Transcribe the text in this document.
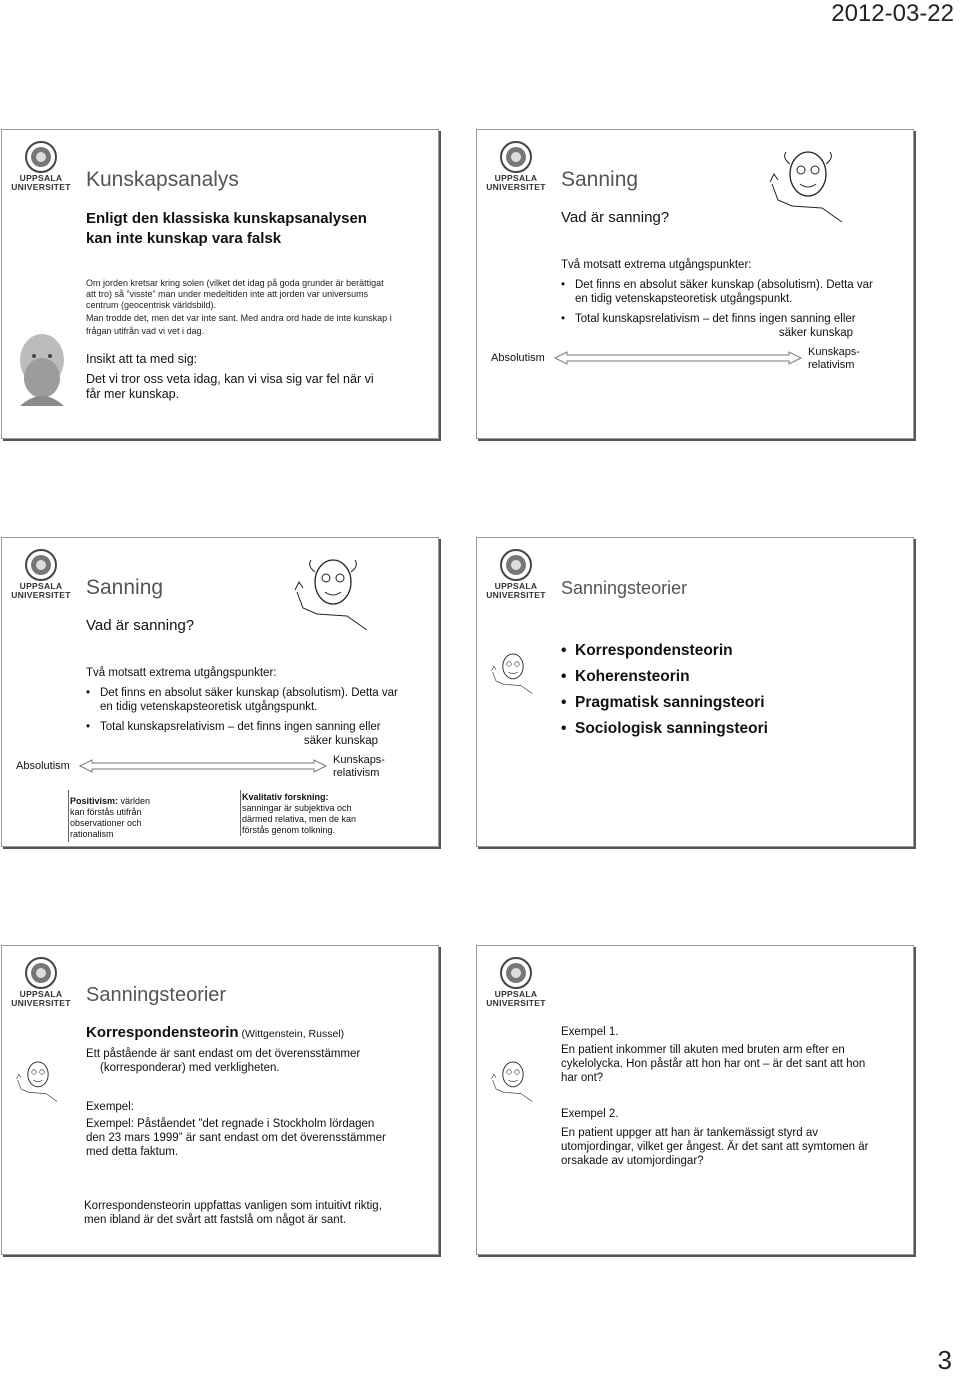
2012-03-22
UPPSALA
UNIVERSITET Kunskapsanalys
Enligt den klassiska kunskapsanalysen
kan inte kunskap vara falsk
Om jorden kretsar kring solen (vilket det idag på goda grunder är berättigat att tro) så ”visste” man under medeltiden inte att jorden var universums centrum (geocentrisk världsbild).
Man trodde det, men det var inte sant. Med andra ord hade de inte kunskap i frågan utifrån vad vi vet i dag.
Insikt att ta med sig:
Det vi tror oss veta idag, kan vi visa sig var fel när vi får mer kunskap.
UPPSALA
UNIVERSITET Sanning
Vad är sanning?
Två motsatt extrema utgångspunkter:
• Det finns en absolut säker kunskap (absolutism). Detta var en tidig vetenskapsteoretisk utgångspunkt.
• Total kunskapsrelativism – det finns ingen sanning eller

säker kunskap
Absolutism	Kunskaps-
relativism
UPPSALA
UNIVERSITET Sanning
Vad är sanning?
Två motsatt extrema utgångspunkter:
• Det finns en absolut säker kunskap (absolutism). Detta var en tidig vetenskapsteoretisk utgångspunkt.
• Total kunskapsrelativism – det finns ingen sanning eller

säker kunskap
Absolutism	Kunskaps-
relativism
Positivism: världen kan förstås utifrån observationer och rationalism
Kvalitativ forskning:
sanningar är subjektiva och därmed relativa, men de kan förstås genom tolkning.
UPPSALA
UNIVERSITET Sanningsteorier
• Korrespondensteorin
• Koherensteorin
• Pragmatisk sanningsteori
• Sociologisk sanningsteori
UPPSALA
UNIVERSITET Sanningsteorier
Korrespondensteorin (Wittgenstein, Russel)
Ett påstående är sant endast om det överensstämmer
(korresponderar) med verkligheten.
Exempel:
Exempel: Påståendet ”det regnade i Stockholm lördagen den 23 mars 1999” är sant endast om det överensstämmer med detta faktum.
UPPSALA
UNIVERSITET
Exempel 1.
En patient inkommer till akuten med bruten arm efter en cykelolycka. Hon påstår att hon har ont – är det sant att hon har ont?
Exempel 2.
En patient uppger att han är tankemässigt styrd av utomjordingar, vilket ger ångest. Är det sant att symtomen är orsakade av utomjordingar?
Korrespondensteorin uppfattas vanligen som intuitivt riktig, men ibland är det svårt att fastslå om något är sant.
3
